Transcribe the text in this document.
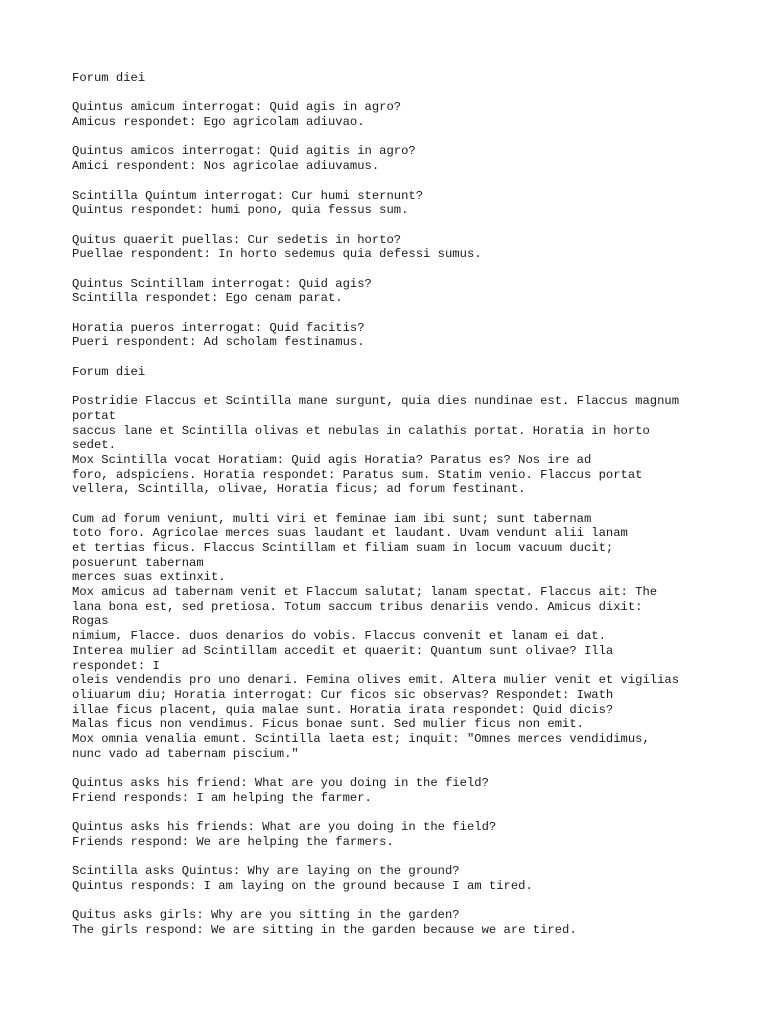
Forum diei
Quintus amicum interrogat: Quid agis in agro?
Amicus respondet: Ego agricolam adiuvao.
Quintus amicos interrogat: Quid agitis in agro?
Amici respondent: Nos agricolae adiuvamus.
Scintilla Quintum interrogat: Cur humi sternunt?
Quintus respondet: humi pono, quia fessus sum.
Quitus quaerit puellas: Cur sedetis in horto?
Puellae respondent: In horto sedemus quia defessi sumus.
Quintus Scintillam interrogat: Quid agis?
Scintilla respondet: Ego cenam parat.
Horatia pueros interrogat: Quid facitis?
Pueri respondent: Ad scholam festinamus.
Forum diei
Postridie Flaccus et Scintilla mane surgunt, quia dies nundinae est. Flaccus magnum
portat
saccus lane et Scintilla olivas et nebulas in calathis portat. Horatia in horto
sedet.
Mox Scintilla vocat Horatiam: Quid agis Horatia? Paratus es? Nos ire ad
foro, adspiciens. Horatia respondet: Paratus sum. Statim venio. Flaccus portat
vellera, Scintilla, olivae, Horatia ficus; ad forum festinant.
Cum ad forum veniunt, multi viri et feminae iam ibi sunt; sunt tabernam
toto foro. Agricolae merces suas laudant et laudant. Uvam vendunt alii lanam
et tertias ficus. Flaccus Scintillam et filiam suam in locum vacuum ducit;
posuerunt tabernam
merces suas extinxit.
Mox amicus ad tabernam venit et Flaccum salutat; lanam spectat. Flaccus ait: The
lana bona est, sed pretiosa. Totum saccum tribus denariis vendo. Amicus dixit:
Rogas
nimium, Flacce. duos denarios do vobis. Flaccus convenit et lanam ei dat.
Interea mulier ad Scintillam accedit et quaerit: Quantum sunt olivae? Illa
respondet: I
oleis vendendis pro uno denari. Femina olives emit. Altera mulier venit et vigilias
oliuarum diu; Horatia interrogat: Cur ficos sic observas? Respondet: Iwath
illae ficus placent, quia malae sunt. Horatia irata respondet: Quid dicis?
Malas ficus non vendimus. Ficus bonae sunt. Sed mulier ficus non emit.
Mox omnia venalia emunt. Scintilla laeta est; inquit: "Omnes merces vendidimus,
nunc vado ad tabernam piscium."
Quintus asks his friend: What are you doing in the field?
Friend responds: I am helping the farmer.
Quintus asks his friends: What are you doing in the field?
Friends respond: We are helping the farmers.
Scintilla asks Quintus: Why are laying on the ground?
Quintus responds: I am laying on the ground because I am tired.
Quitus asks girls: Why are you sitting in the garden?
The girls respond: We are sitting in the garden because we are tired.
